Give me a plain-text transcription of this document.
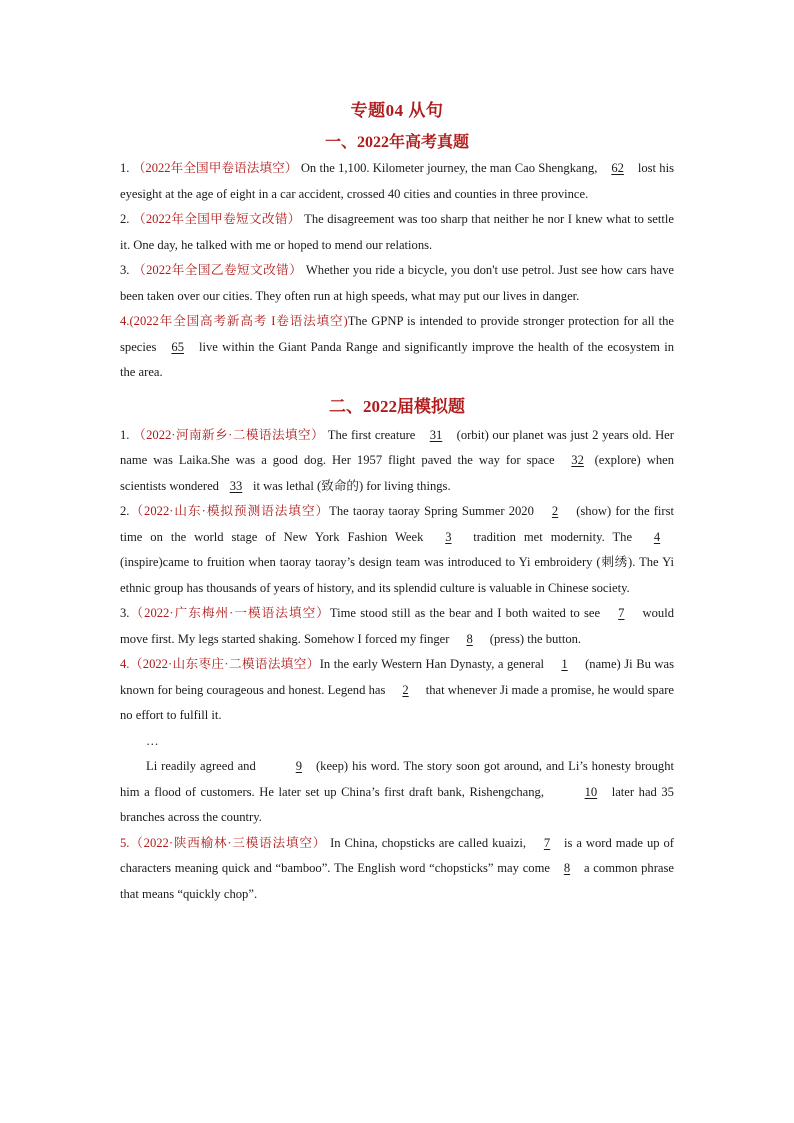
专题04 从句
一、2022年高考真题

1. （2022年全国甲卷语法填空） On the 1,100. Kilometer journey, the man Cao Shengkang, 62 lost his eyesight at the age of eight in a car accident, crossed 40 cities and counties in three province.

2. （2022年全国甲卷短文改错） The disagreement was too sharp that neither he nor I knew what to settle it. One day, he talked with me or hoped to mend our relations.

3. （2022年全国乙卷短文改错） Whether you ride a bicycle, you don't use petrol. Just see how cars have been taken over our cities. They often run at high speeds, what may put our lives in danger.

4.(2022年全国高考新高考 I卷语法填空)The GPNP is intended to provide stronger protection for all the species 65 live within the Giant Panda Range and significantly improve the health of the ecosystem in the area.

二、2022届模拟题

1. （2022·河南新乡·二模语法填空） The first creature 31 (orbit) our planet was just 2 years old. Her name was Laika.She was a good dog. Her 1957 flight paved the way for space 32 (explore) when scientists wondered 33 it was lethal (致命的) for living things.

2.（2022·山东·模拟预测语法填空）The taoray taoray Spring Summer 2020 2 (show) for the first time on the world stage of New York Fashion Week 3 tradition met modernity. The 4 (inspire)came to fruition when taoray taoray’s design team was introduced to Yi embroidery (刺绣). The Yi ethnic group has thousands of years of history, and its splendid culture is valuable in Chinese society.

3.（2022·广东梅州·一模语法填空）Time stood still as the bear and I both waited to see 7 would move first. My legs started shaking. Somehow I forced my finger 8 (press) the button.

4.（2022·山东枣庄·二模语法填空）In the early Western Han Dynasty, a general 1 (name) Ji Bu was known for being courageous and honest. Legend has 2 that whenever Ji made a promise, he would spare no effort to fulfill it.

…

Li readily agreed and	9 (keep) his word. The story soon got around, and Li’s honesty brought him a flood of customers. He later set up China’s first draft bank, Rishengchang,	10 later had 35 branches across the country.

5.（2022·陕西榆林·三模语法填空） In China, chopsticks are called kuaizi, 7 is a word made up of characters meaning quick and “bamboo”. The English word “chopsticks” may come 8 a common phrase that means “quickly chop”.
